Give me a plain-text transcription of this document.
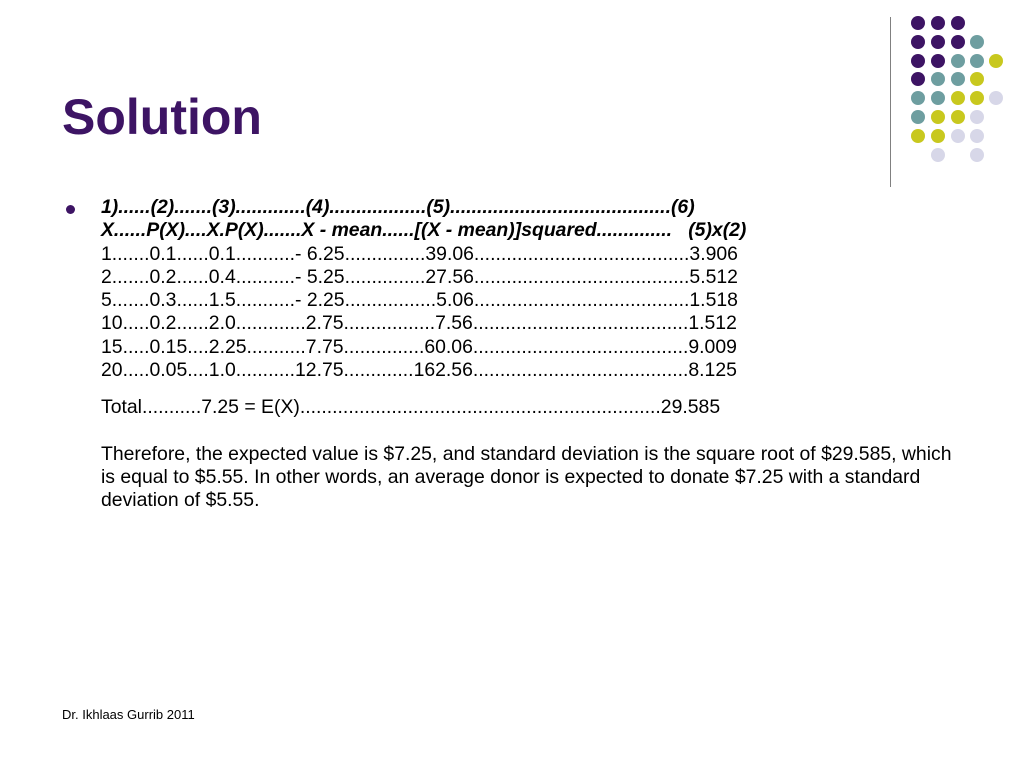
Solution
1)......(2).......(3).............(4)..................(5).........................................(6)
X......P(X)....X.P(X).......X - mean......[(X - mean)]squared..............   (5)x(2)
1.......0.1......0.1...........- 6.25...............39.06........................................3.906
2.......0.2......0.4...........- 5.25...............27.56........................................5.512
5.......0.3......1.5...........- 2.25.................5.06........................................1.518
10.....0.2......2.0.............2.75.................7.56........................................1.512
15.....0.15....2.25...........7.75...............60.06........................................9.009
20.....0.05....1.0...........12.75.............162.56........................................8.125
Total...........7.25 = E(X)...................................................................29.585
Therefore, the expected value is $7.25, and standard deviation is the square root of $29.585, which is equal to $5.55. In other words, an average donor is expected to donate $7.25 with a standard deviation of $5.55.
Dr. Ikhlaas Gurrib 2011
